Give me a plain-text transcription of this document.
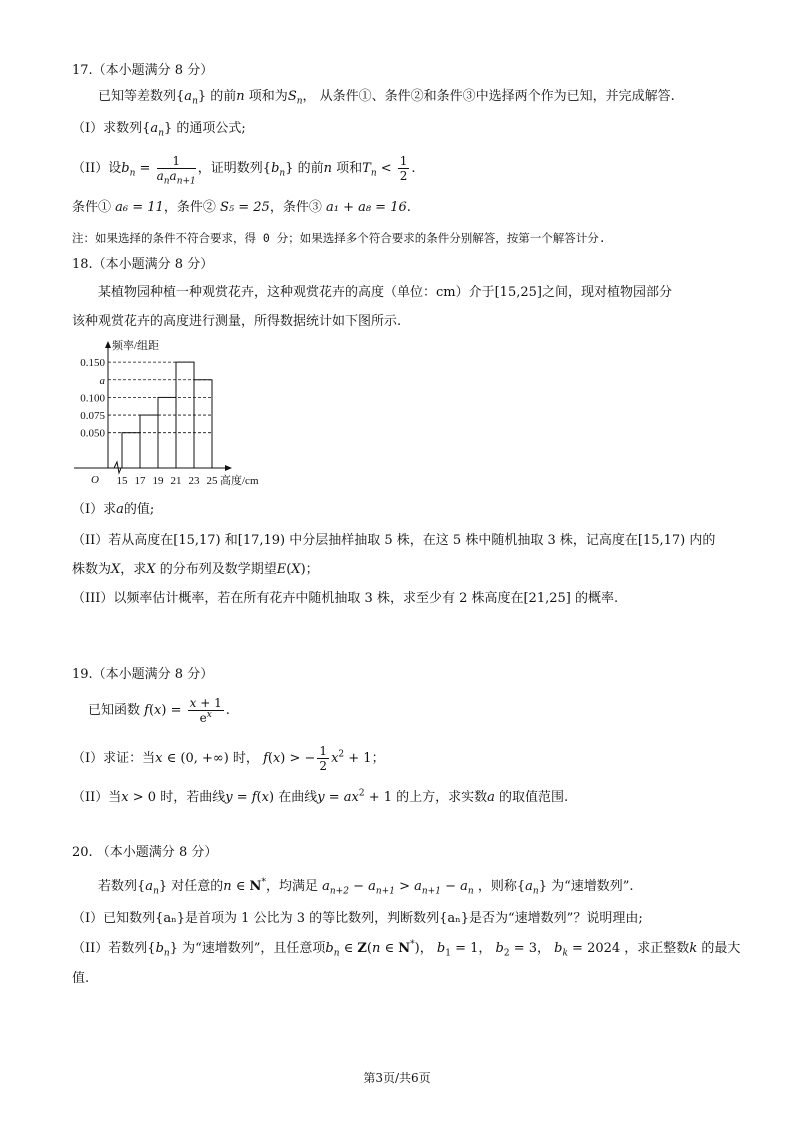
17.（本小题满分 8 分）
已知等差数列$\{a_n\}$ 的前n 项和为$S_n$， 从条件①、条件②和条件③中选择两个作为已知，并完成解答.
（I）求数列$\{a_n\}$ 的通项公式;
（II）设$b_n = \frac{1}{a_na_{n+1}}$ ，证明数列$\{b_n\}$ 的前n 项和$T_n < \frac{1}{2}$ .
条件① a₆ = 11，条件② S₅ = 25，条件③ a₁ + a₈ = 16.
注：如果选择的条件不符合要求，得 0 分；如果选择多个符合要求的条件分别解答，按第一个解答计分.
18.（本小题满分 8 分）
某植物园种植一种观赏花卉，这种观赏花卉的高度（单位：cm）介于[15,25]之间，现对植物园部分
该种观赏花卉的高度进行测量，所得数据统计如下图所示.
频率/组距
O	高度/cm
0.050
0.075
0.100
a
0.150
15 17 19 21 23 25
（I）求a的值;
（II）若从高度在[15,17) 和[17,19) 中分层抽样抽取 5 株，在这 5 株中随机抽取 3 株，记高度在[15,17) 内的
株数为X，求X 的分布列及数学期望E(X)；
（III）以频率估计概率，若在所有花卉中随机抽取 3 株，求至少有 2 株高度在[21,25] 的概率.
19.（本小题满分 8 分）
已知函数 $f(x) = \frac{x + 1}{e^x}$ .
（I）求证：当x ∈ (0, +∞) 时， f(x) > − $\frac{1}{2} x^2 + 1$；
（II）当x > 0 时，若曲线y = f(x) 在曲线$y = ax^2 + 1$ 的上方，求实数a 的取值范围.
20. （本小题满分 8 分）
若数列$\{a_n\}$ 对任意的n ∈ N*，均满足 $a_{n+2} - a_{n+1} > a_{n+1} - a_n$ ，则称$\{a_n\}$ 为“速增数列”.
（I）已知数列{aₙ}是首项为 1 公比为 3 的等比数列，判断数列{aₙ}是否为“速增数列”？说明理由;
（II）若数列$\{b_n\}$ 为“速增数列”，且任意项$b_n$ ∈ Z(n ∈ N*)， $b_1 = 1$， $b_2 = 3$， $b_k = 2024$ ，求正整数k 的最大
值.
第3页/共6页
